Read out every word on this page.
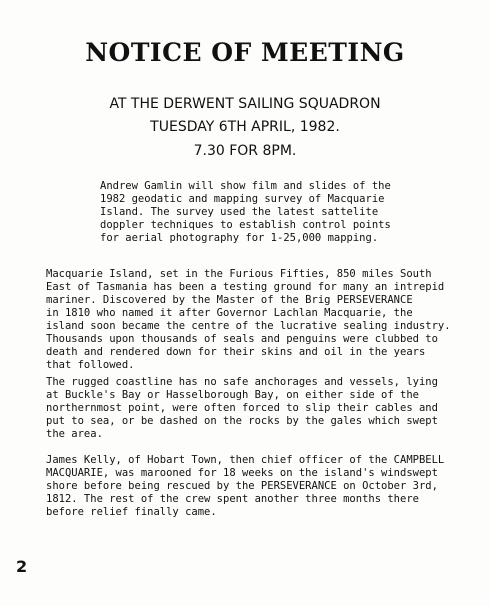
NOTICE OF MEETING
AT THE DERWENT SAILING SQUADRON
TUESDAY 6TH APRIL, 1982.
7.30 FOR 8PM.
Andrew Gamlin will show film and slides of the
1982 geodatic and mapping survey of Macquarie
Island. The survey used the latest sattelite
doppler techniques to establish control points
for aerial photography for 1-25,000 mapping.
Macquarie Island, set in the Furious Fifties, 850 miles South
East of Tasmania has been a testing ground for many an intrepid
mariner. Discovered by the Master of the Brig PERSEVERANCE
in 1810 who named it after Governor Lachlan Macquarie, the
island soon became the centre of the lucrative sealing industry.
Thousands upon thousands of seals and penguins were clubbed to
death and rendered down for their skins and oil in the years
that followed.
The rugged coastline has no safe anchorages and vessels, lying
at Buckle's Bay or Hasselborough Bay, on either side of the
northernmost point, were often forced to slip their cables and
put to sea, or be dashed on the rocks by the gales which swept
the area.
James Kelly, of Hobart Town, then chief officer of the CAMPBELL
MACQUARIE, was marooned for 18 weeks on the island's windswept
shore before being rescued by the PERSEVERANCE on October 3rd,
1812. The rest of the crew spent another three months there
before relief finally came.
2
